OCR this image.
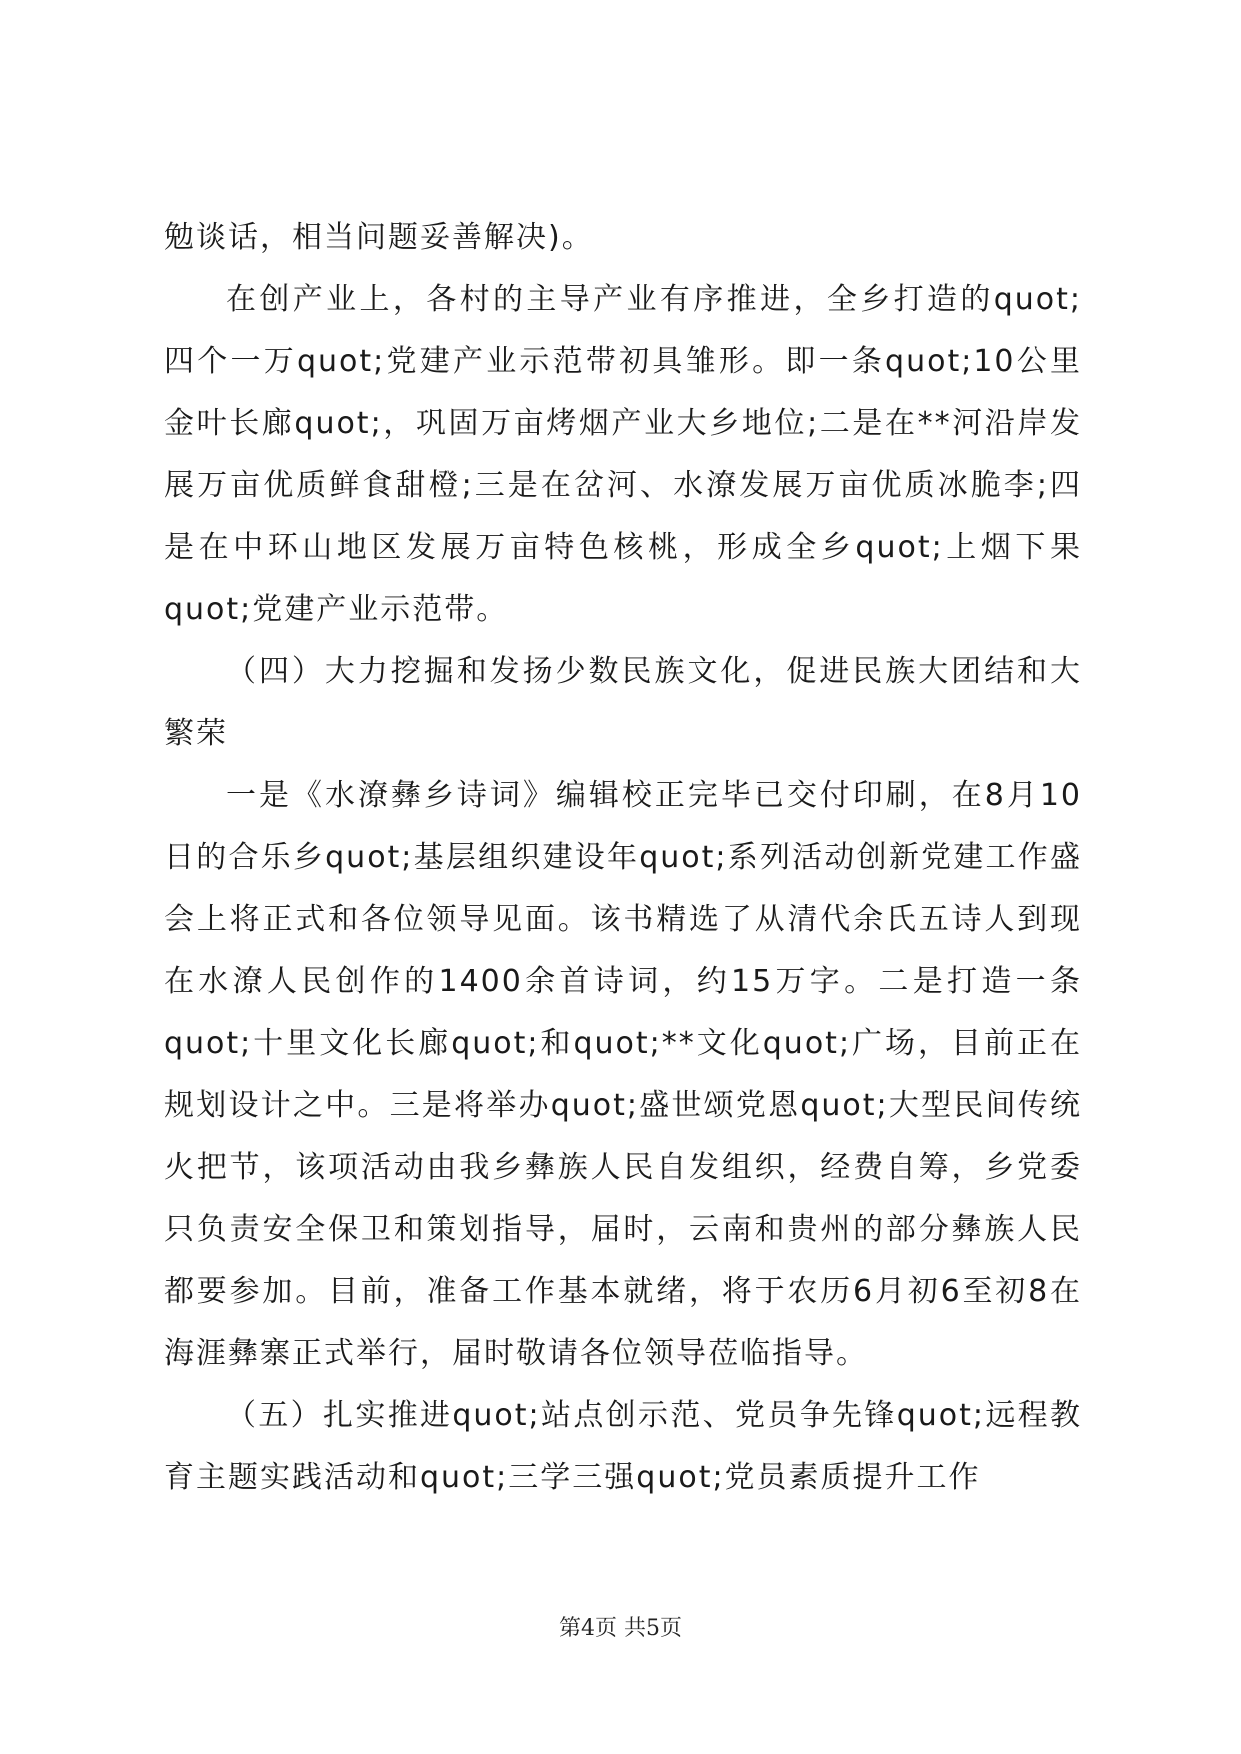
勉谈话，相当问题妥善解决)。

在创产业上，各村的主导产业有序推进，全乡打造的quot;四个一万quot;党建产业示范带初具雏形。即一条quot;10公里金叶长廊quot;，巩固万亩烤烟产业大乡地位;二是在**河沿岸发展万亩优质鲜食甜橙;三是在岔河、水潦发展万亩优质冰脆李;四是在中环山地区发展万亩特色核桃，形成全乡quot;上烟下果quot;党建产业示范带。

（四）大力挖掘和发扬少数民族文化，促进民族大团结和大繁荣

一是《水潦彝乡诗词》编辑校正完毕已交付印刷，在8月10日的合乐乡quot;基层组织建设年quot;系列活动创新党建工作盛会上将正式和各位领导见面。该书精选了从清代余氏五诗人到现在水潦人民创作的1400余首诗词，约15万字。二是打造一条quot;十里文化长廊quot;和quot;**文化quot;广场，目前正在规划设计之中。三是将举办quot;盛世颂党恩quot;大型民间传统火把节，该项活动由我乡彝族人民自发组织，经费自筹，乡党委只负责安全保卫和策划指导，届时，云南和贵州的部分彝族人民都要参加。目前，准备工作基本就绪，将于农历6月初6至初8在海涯彝寨正式举行，届时敬请各位领导莅临指导。

（五）扎实推进quot;站点创示范、党员争先锋quot;远程教育主题实践活动和quot;三学三强quot;党员素质提升工作

第4页 共5页
